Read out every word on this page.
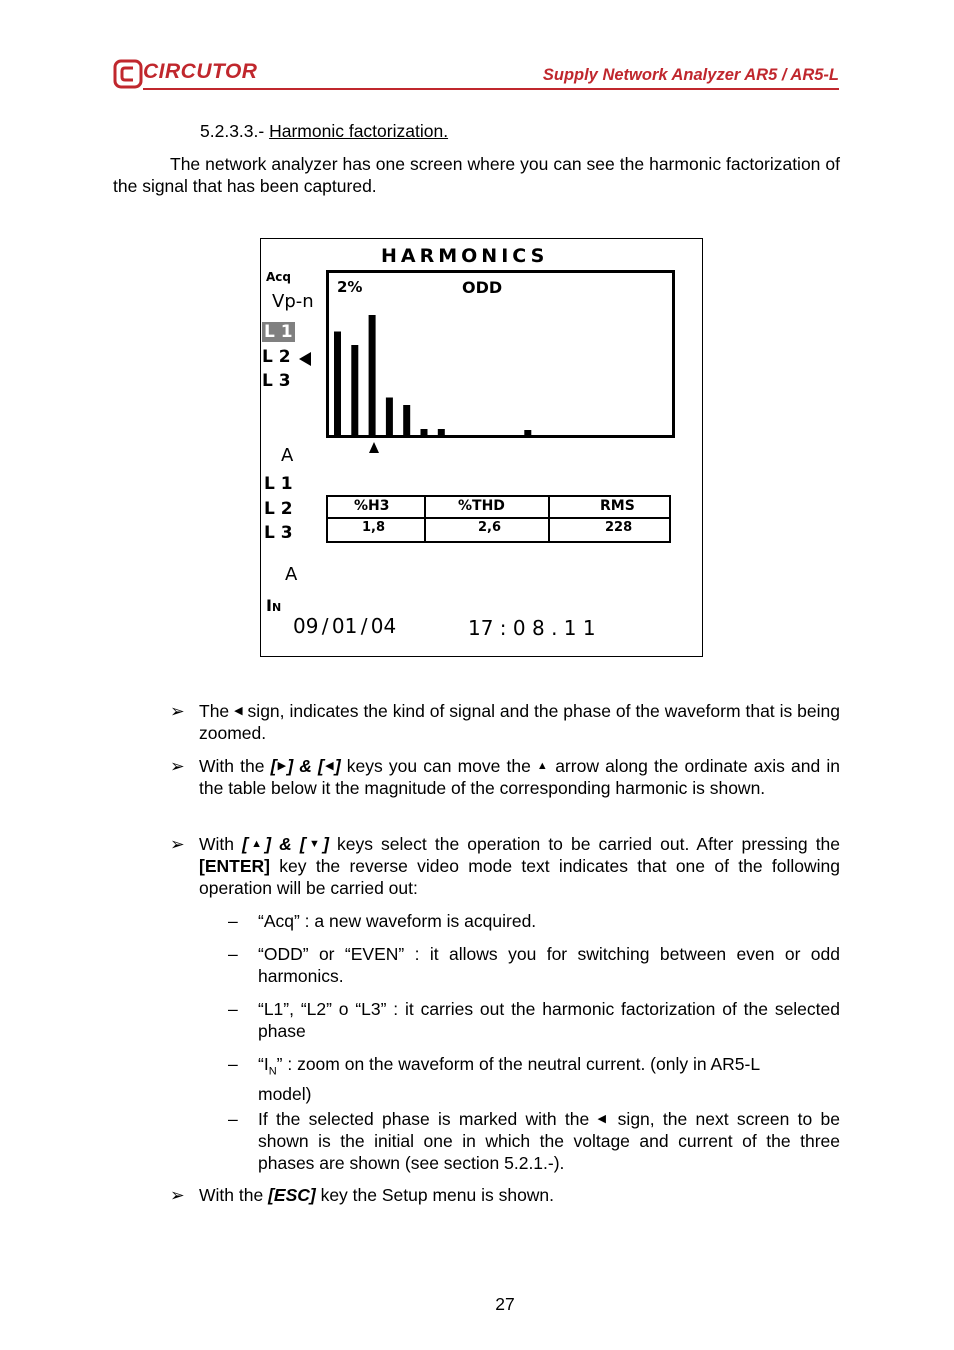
CIRCUTOR	Supply Network Analyzer AR5 / AR5-L
5.2.3.3.- Harmonic factorization.
The network analyzer has one screen where you can see the harmonic factorization of the signal that has been captured.
HARMONICS
Acq
Vp-n
L 1
L 2
L 3
2%	ODD
A
L 1
L 2
L 3
%H3	%THD	RMS
1,8	2,6	228
A
IN
09 / 01 / 04	17 : 0 8 . 1 1
➢ The ◀ sign, indicates the kind of signal and the phase of the waveform that is being zoomed.
➢ With the [▶] & [◀] keys you can move the ▲ arrow along the ordinate axis and in the table below it the magnitude of the corresponding harmonic is shown.
➢ With [▲] & [▼] keys select the operation to be carried out. After pressing the [ENTER] key the reverse video mode text indicates that one of the following operation will be carried out:
– “Acq” : a new waveform is acquired.
– “ODD” or “EVEN” : it allows you for switching between even or odd harmonics.
– “L1”, “L2” o “L3” : it carries out the harmonic factorization of the selected phase
– “$I_N$” : zoom on the waveform of the neutral current. (only in AR5-L
model)
– If the selected phase is marked with the ◀ sign, the next screen to be shown is the initial one in which the voltage and current of the three phases are shown (see section 5.2.1.-).
➢ With the [ESC] key the Setup menu is shown.
27
